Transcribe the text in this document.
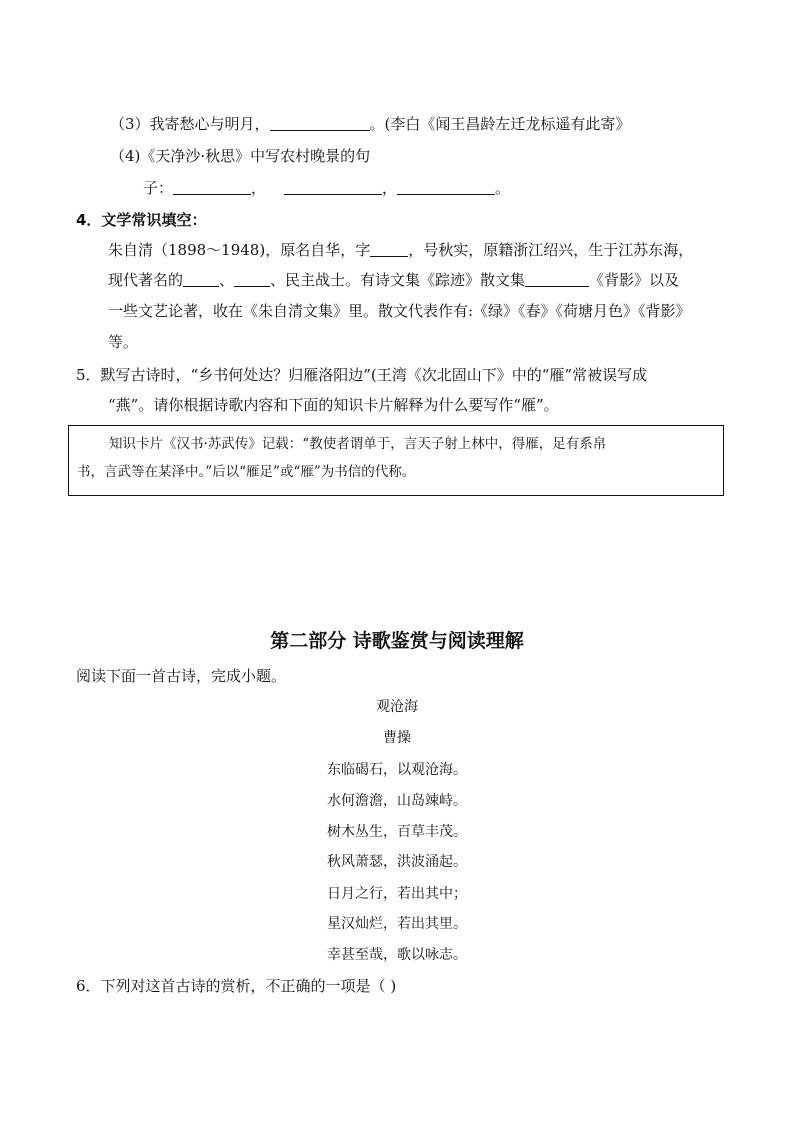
（3）我寄愁心与明月，	。(李白《闻王昌龄左迁龙标遥有此寄》
（4)《天净沙·秋思》中写农村晚景的句
子：	，	，	。
4．文学常识填空：
朱自清（1898～1948)，原名自华，字	，号秋实，原籍浙江绍兴，生于江苏东海，
现代著名的 、 、民主战士。有诗文集《踪迹》散文集	《背影》以及
一些文艺论著，收在《朱自清文集》里。散文代表作有:《绿》《春》《荷塘月色》《背影》
等。
5．默写古诗时，“乡书何处达？归雁洛阳边”(王湾《次北固山下》中的“雁”常被误写成
“燕”。请你根据诗歌内容和下面的知识卡片解释为什么要写作“雁”。
知识卡片《汉书·苏武传》记载：“教使者谓单于，言天子射上林中，得雁，足有系帛
书，言武等在某泽中。”后以“雁足”或“雁”为书信的代称。
第二部分 诗歌鉴赏与阅读理解
阅读下面一首古诗，完成小题。
观沧海
曹操
东临碣石，以观沧海。
水何澹澹，山岛竦峙。
树木丛生，百草丰茂。
秋风萧瑟，洪波涌起。
日月之行，若出其中；
星汉灿烂，若出其里。
幸甚至哉，歌以咏志。
6．下列对这首古诗的赏析，不正确的一项是（ )
